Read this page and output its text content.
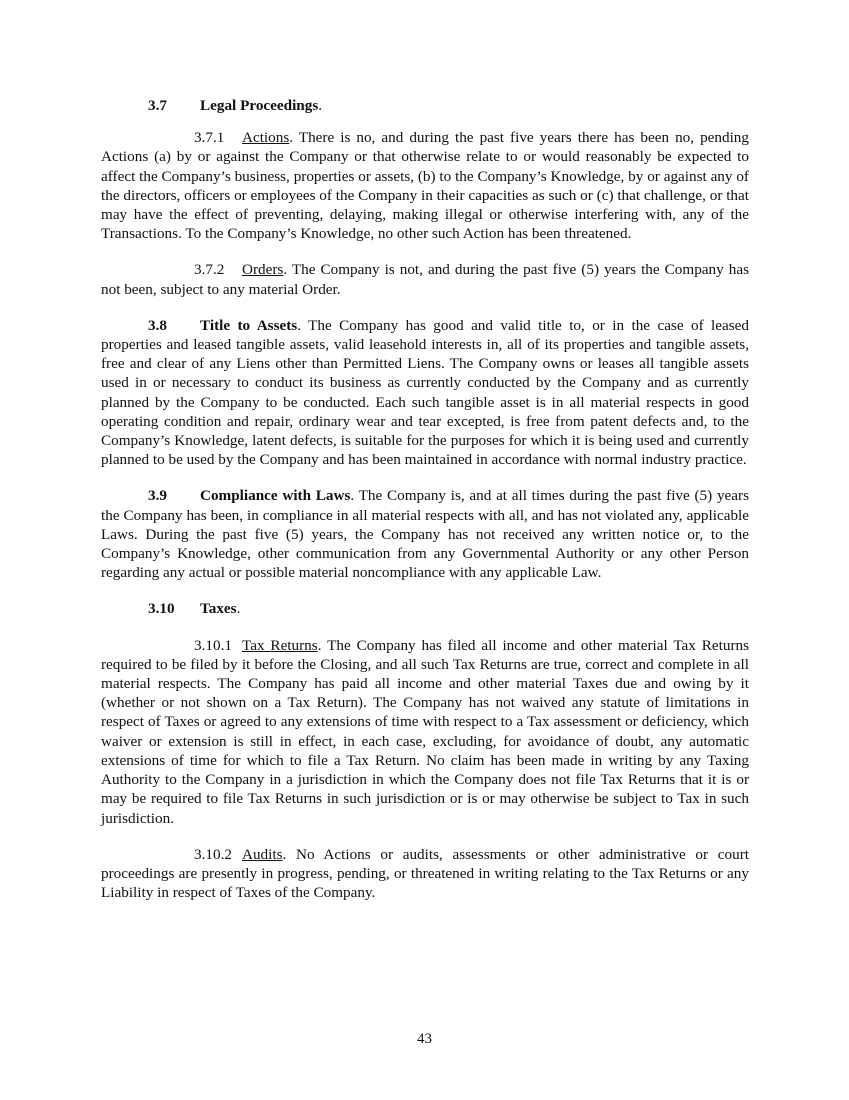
3.7 Legal Proceedings.

3.7.1 Actions. There is no, and during the past five years there has been no, pending Actions (a) by or against the Company or that otherwise relate to or would reasonably be expected to affect the Company’s business, properties or assets, (b) to the Company’s Knowledge, by or against any of the directors, officers or employees of the Company in their capacities as such or (c) that challenge, or that may have the effect of preventing, delaying, making illegal or otherwise interfering with, any of the Transactions. To the Company’s Knowledge, no other such Action has been threatened.

3.7.2 Orders. The Company is not, and during the past five (5) years the Company has not been, subject to any material Order.

3.8 Title to Assets. The Company has good and valid title to, or in the case of leased properties and leased tangible assets, valid leasehold interests in, all of its properties and tangible assets, free and clear of any Liens other than Permitted Liens. The Company owns or leases all tangible assets used in or necessary to conduct its business as currently conducted by the Company and as currently planned by the Company to be conducted. Each such tangible asset is in all material respects in good operating condition and repair, ordinary wear and tear excepted, is free from patent defects and, to the Company’s Knowledge, latent defects, is suitable for the purposes for which it is being used and currently planned to be used by the Company and has been maintained in accordance with normal industry practice.

3.9 Compliance with Laws. The Company is, and at all times during the past five (5) years the Company has been, in compliance in all material respects with all, and has not violated any, applicable Laws. During the past five (5) years, the Company has not received any written notice or, to the Company’s Knowledge, other communication from any Governmental Authority or any other Person regarding any actual or possible material noncompliance with any applicable Law.

3.10 Taxes.

3.10.1 Tax Returns. The Company has filed all income and other material Tax Returns required to be filed by it before the Closing, and all such Tax Returns are true, correct and complete in all material respects. The Company has paid all income and other material Taxes due and owing by it (whether or not shown on a Tax Return). The Company has not waived any statute of limitations in respect of Taxes or agreed to any extensions of time with respect to a Tax assessment or deficiency, which waiver or extension is still in effect, in each case, excluding, for avoidance of doubt, any automatic extensions of time for which to file a Tax Return. No claim has been made in writing by any Taxing Authority to the Company in a jurisdiction in which the Company does not file Tax Returns that it is or may be required to file Tax Returns in such jurisdiction or is or may otherwise be subject to Tax in such jurisdiction.

3.10.2 Audits. No Actions or audits, assessments or other administrative or court proceedings are presently in progress, pending, or threatened in writing relating to the Tax Returns or any Liability in respect of Taxes of the Company.

43
